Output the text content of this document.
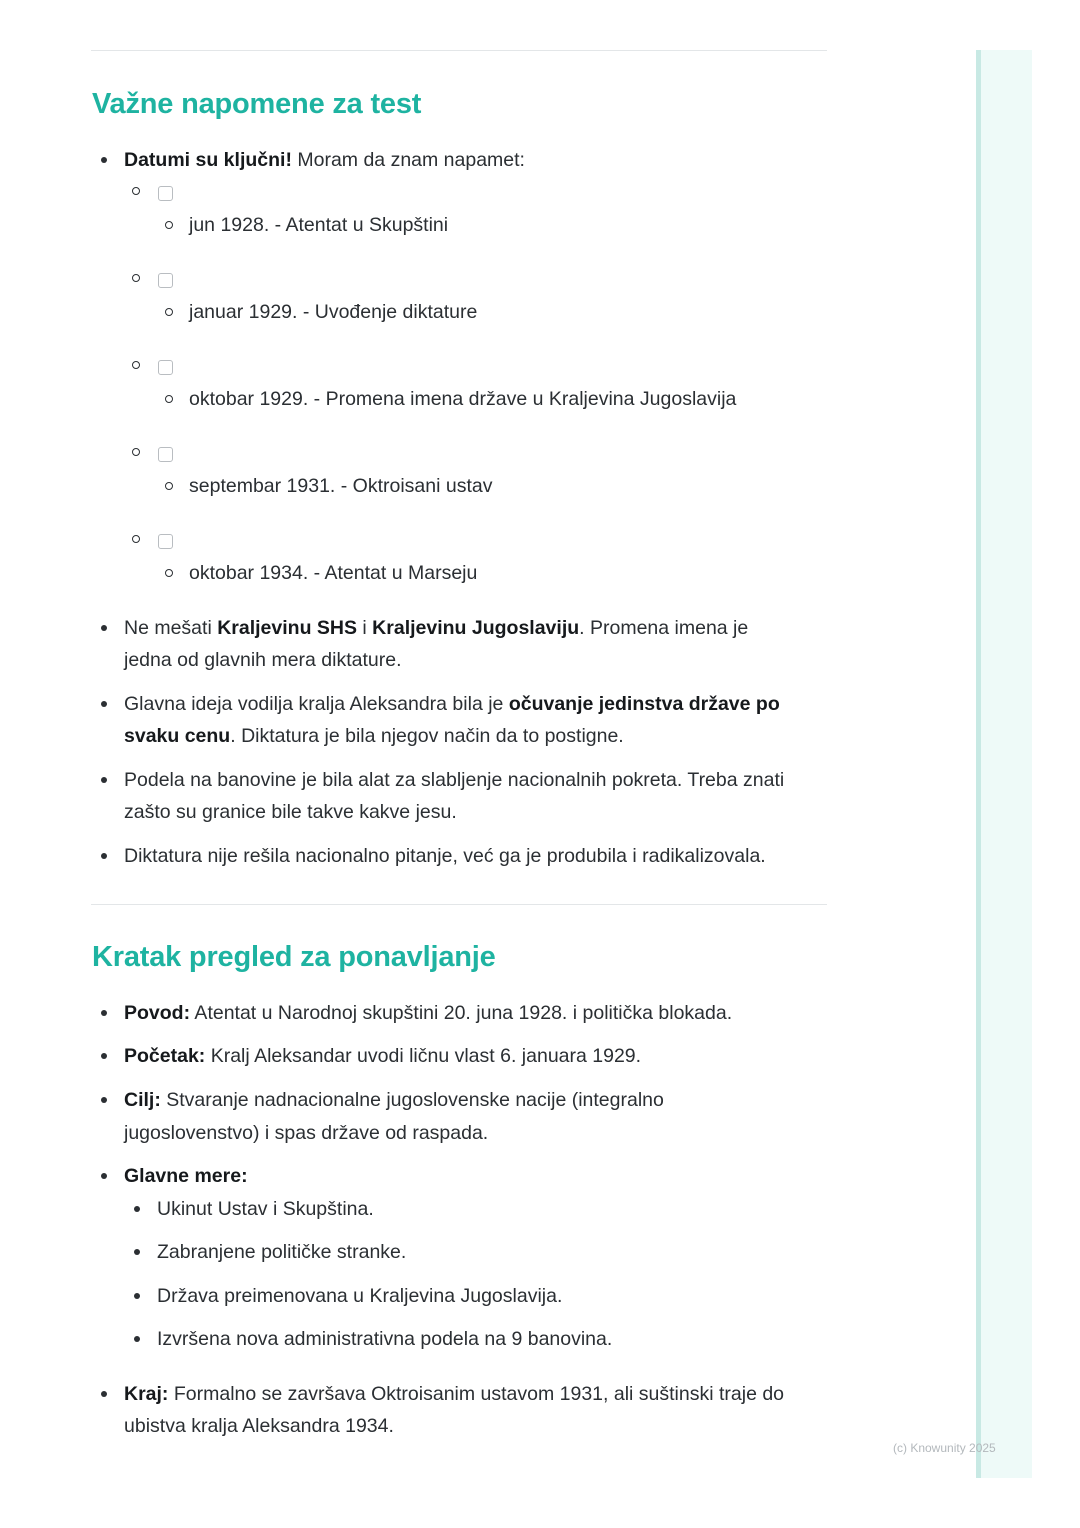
Važne napomene za test
Datumi su ključni! Moram da znam napamet:
jun 1928. - Atentat u Skupštini
januar 1929. - Uvođenje diktature
oktobar 1929. - Promena imena države u Kraljevina Jugoslavija
septembar 1931. - Oktroisani ustav
oktobar 1934. - Atentat u Marseju
Ne mešati Kraljevinu SHS i Kraljevinu Jugoslaviju. Promena imena je
jedna od glavnih mera diktature.
Glavna ideja vodilja kralja Aleksandra bila je očuvanje jedinstva države po
svaku cenu. Diktatura je bila njegov način da to postigne.
Podela na banovine je bila alat za slabljenje nacionalnih pokreta. Treba znati
zašto su granice bile takve kakve jesu.
Diktatura nije rešila nacionalno pitanje, već ga je produbila i radikalizovala.
Kratak pregled za ponavljanje
Povod: Atentat u Narodnoj skupštini 20. juna 1928. i politička blokada.
Početak: Kralj Aleksandar uvodi ličnu vlast 6. januara 1929.
Cilj: Stvaranje nadnacionalne jugoslovenske nacije (integralno
jugoslovenstvo) i spas države od raspada.
Glavne mere:
Ukinut Ustav i Skupština.
Zabranjene političke stranke.
Država preimenovana u Kraljevina Jugoslavija.
Izvršena nova administrativna podela na 9 banovina.
Kraj: Formalno se završava Oktroisanim ustavom 1931, ali suštinski traje do
ubistva kralja Aleksandra 1934.
(c) Knowunity 2025
